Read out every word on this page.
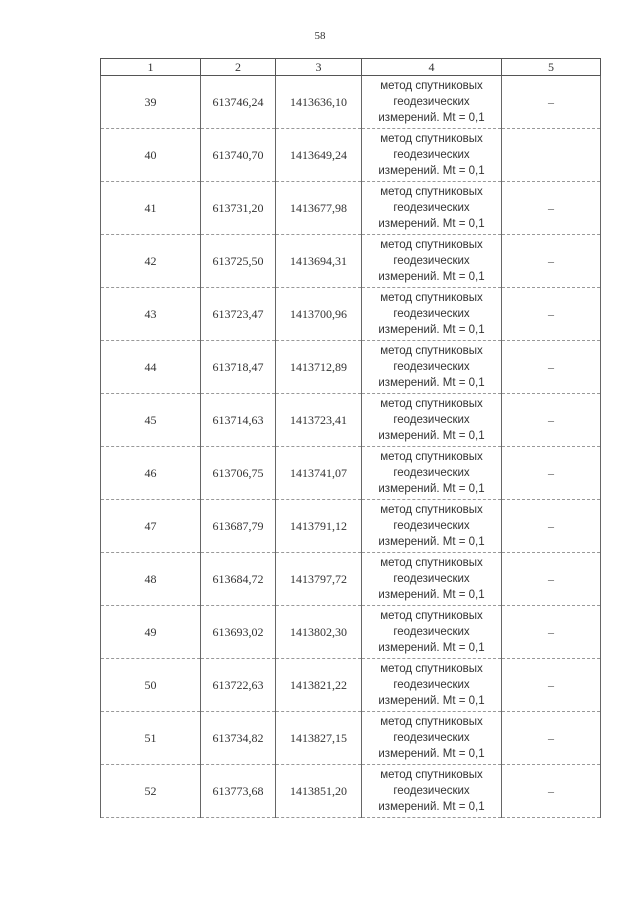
58
1	2	3	4	5
39	613746,24	1413636,10	метод спутниковых
геодезических
измерений. Mt = 0,1	–
40	613740,70	1413649,24	метод спутниковых
геодезических
измерений. Mt = 0,1	

41	613731,20	1413677,98	метод спутниковых
геодезических
измерений. Mt = 0,1	–
42	613725,50	1413694,31	метод спутниковых
геодезических
измерений. Mt = 0,1	–
43	613723,47	1413700,96	метод спутниковых
геодезических
измерений. Mt = 0,1	–
44	613718,47	1413712,89	метод спутниковых
геодезических
измерений. Mt = 0,1	–
45	613714,63	1413723,41	метод спутниковых
геодезических
измерений. Mt = 0,1	–
46	613706,75	1413741,07	метод спутниковых
геодезических
измерений. Mt = 0,1	–
47	613687,79	1413791,12	метод спутниковых
геодезических
измерений. Mt = 0,1	–
48	613684,72	1413797,72	метод спутниковых
геодезических
измерений. Mt = 0,1	–
49	613693,02	1413802,30	метод спутниковых
геодезических
измерений. Mt = 0,1	–
50	613722,63	1413821,22	метод спутниковых
геодезических
измерений. Mt = 0,1	–
51	613734,82	1413827,15	метод спутниковых
геодезических
измерений. Mt = 0,1	–
52	613773,68	1413851,20	метод спутниковых
геодезических
измерений. Mt = 0,1	–
